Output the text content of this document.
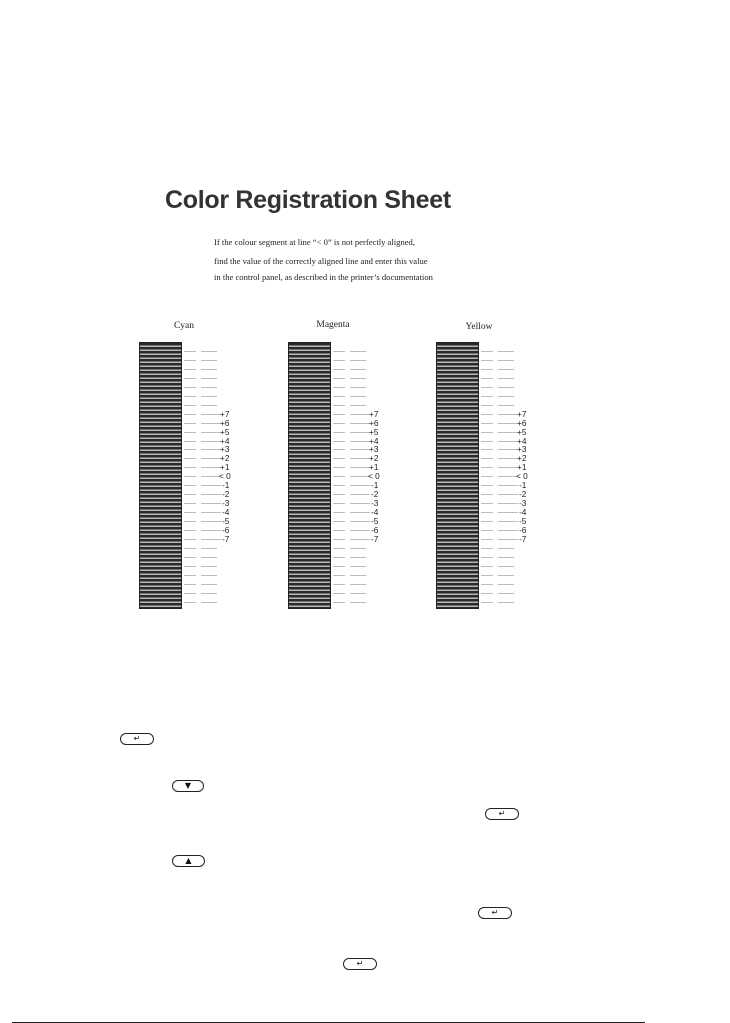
Color Registration Sheet
If the colour segment at line “< 0” is not perfectly aligned,
find the value of the correctly aligned line and enter this value
in the control panel, as described in the printer’s documentation
Cyan	Magenta	Yellow
+7
+6
+5
+4
+3
+2
+1
< 0
-1
-2
-3
-4
-5
-6
-7
+7
+6
+5
+4
+3
+2
+1
< 0
-1
-2
-3
-4
-5
-6
-7
+7
+6
+5
+4
+3
+2
+1
< 0
-1
-2
-3
-4
-5
-6
-7
↵
▼
↵
▲
↵
↵
